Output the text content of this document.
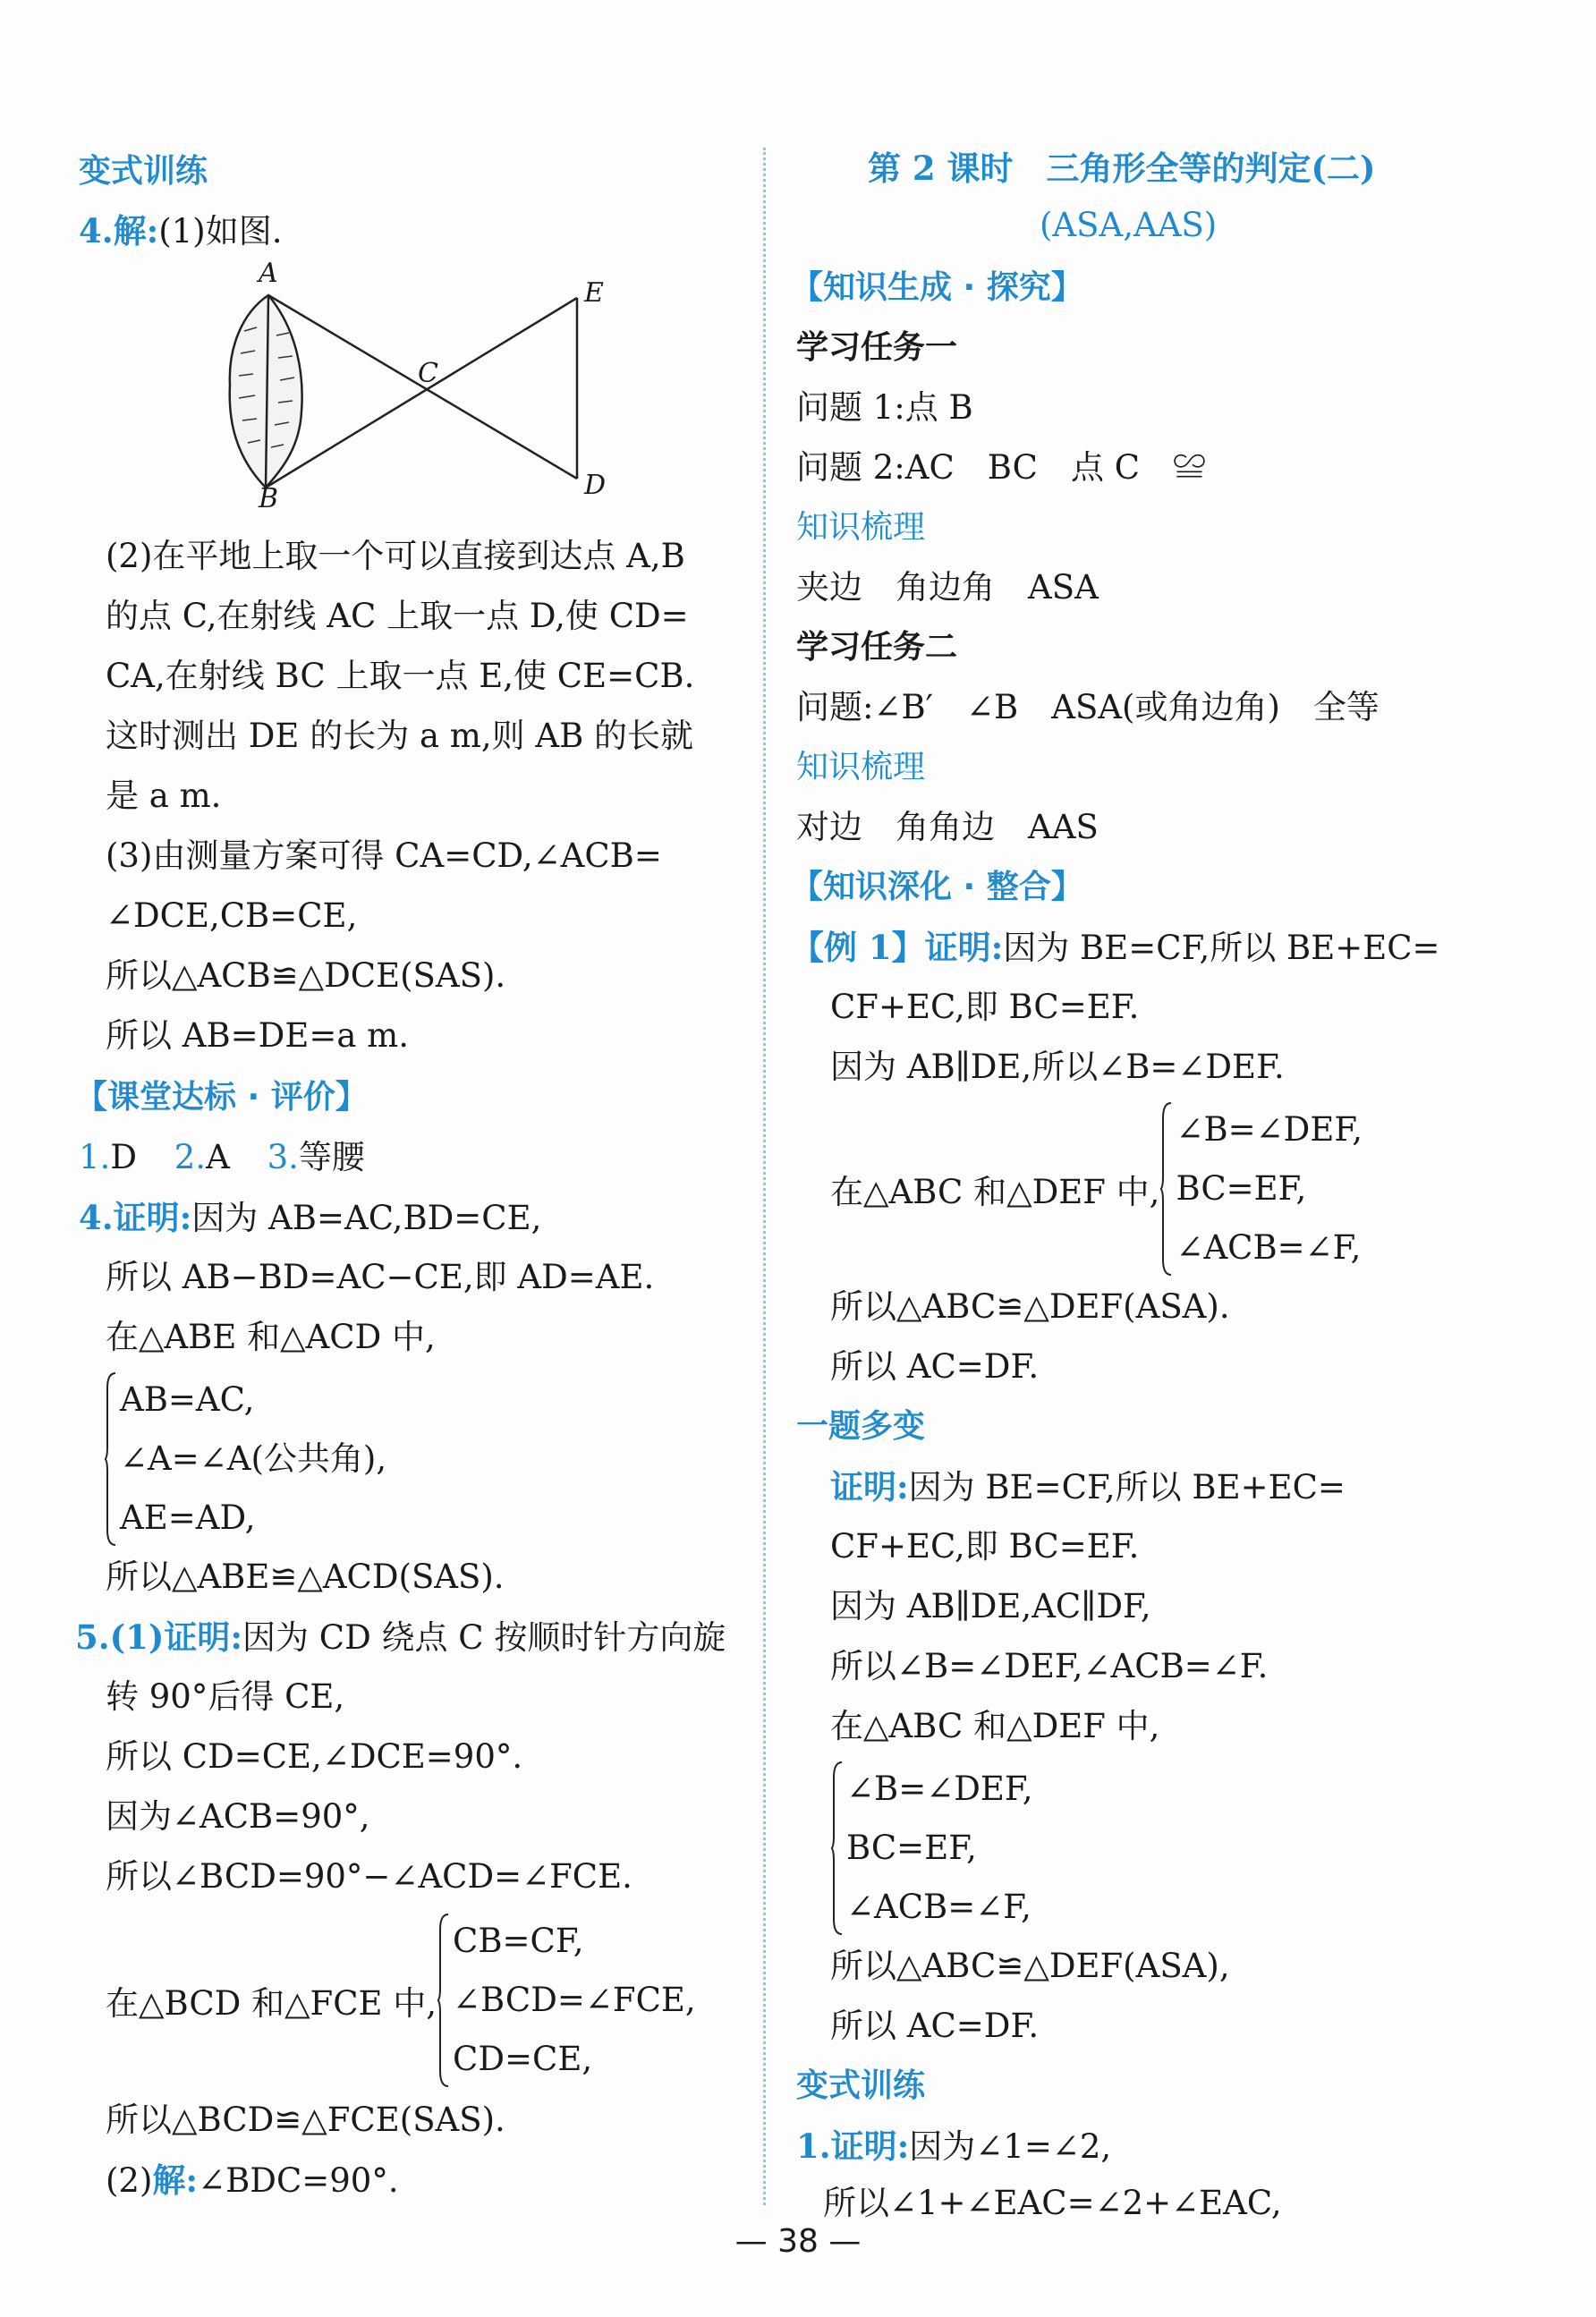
变式训练
4.解:(1)如图.
A
B
C
D
E
(2)在平地上取一个可以直接到达点 A,B
的点 C,在射线 AC 上取一点 D,使 CD=
CA,在射线 BC 上取一点 E,使 CE=CB.
这时测出 DE 的长为 a m,则 AB 的长就
是 a m.
(3)由测量方案可得 CA=CD,∠ACB=
∠DCE,CB=CE,
所以△ACB≌△DCE(SAS).
所以 AB=DE=a m.
【课堂达标 · 评价】
1.D 2.A 3.等腰
4.证明:因为 AB=AC,BD=CE,
所以 AB−BD=AC−CE,即 AD=AE.
在△ABE 和△ACD 中,
AB=AC,
∠A=∠A(公共角),
AE=AD,
所以△ABE≌△ACD(SAS).
5.(1)证明:因为 CD 绕点 C 按顺时针方向旋
转 90°后得 CE,
所以 CD=CE,∠DCE=90°.
因为∠ACB=90°,
所以∠BCD=90°−∠ACD=∠FCE.
在△BCD 和△FCE 中,
CB=CF,
∠BCD=∠FCE,
CD=CE,
所以△BCD≌△FCE(SAS).
(2)解:∠BDC=90°.
第 2 课时　三角形全等的判定(二)
(ASA,AAS)
【知识生成 · 探究】
学习任务一
问题 1:点 B
问题 2:AC　BC　点 C　≌
知识梳理
夹边　角边角　ASA
学习任务二
问题:∠B′　∠B　ASA(或角边角)　全等
知识梳理
对边　角角边　AAS
【知识深化 · 整合】
【例 1】证明:因为 BE=CF,所以 BE+EC=
CF+EC,即 BC=EF.
因为 AB∥DE,所以∠B=∠DEF.
在△ABC 和△DEF 中,
∠B=∠DEF,
BC=EF,
∠ACB=∠F,
所以△ABC≌△DEF(ASA).
所以 AC=DF.
一题多变
证明:因为 BE=CF,所以 BE+EC=
CF+EC,即 BC=EF.
因为 AB∥DE,AC∥DF,
所以∠B=∠DEF,∠ACB=∠F.
在△ABC 和△DEF 中,
∠B=∠DEF,
BC=EF,
∠ACB=∠F,
所以△ABC≌△DEF(ASA),
所以 AC=DF.
变式训练
1.证明:因为∠1=∠2,
所以∠1+∠EAC=∠2+∠EAC,
— 38 —
